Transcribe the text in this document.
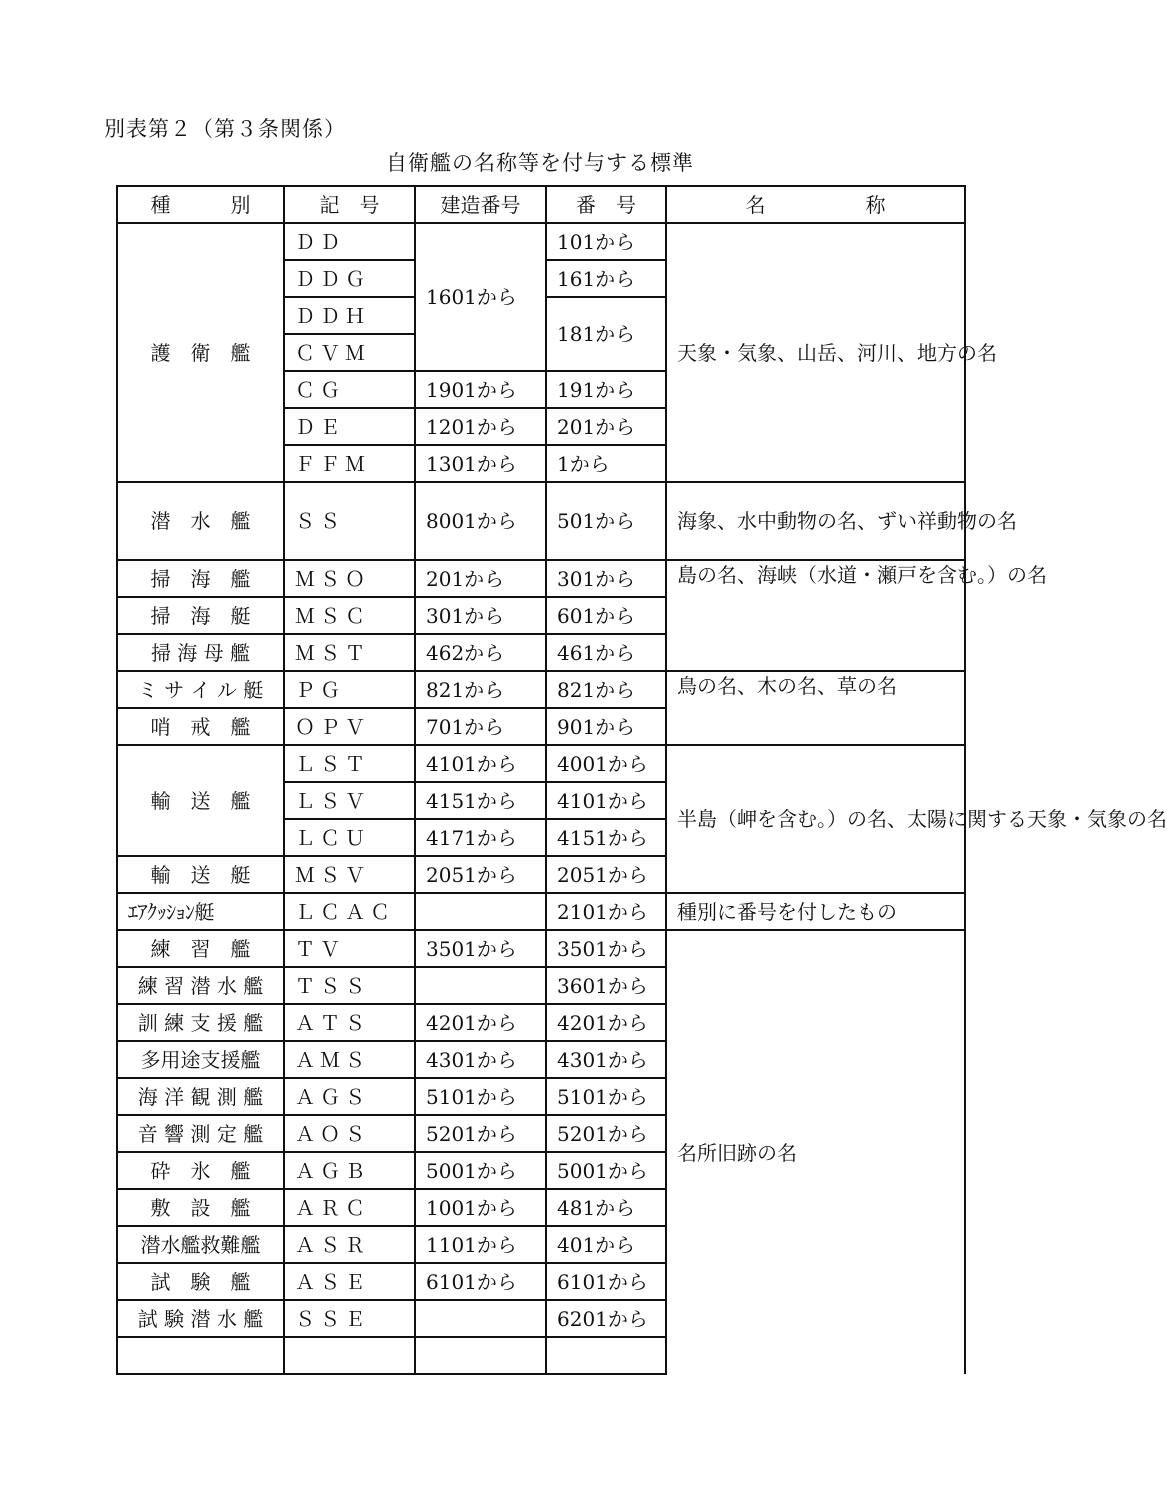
別表第２（第３条関係）
自衛艦の名称等を付与する標準
種　　　別	記　号	建造番号	番　号	名　　　　　称
護　衛　艦	ＤＤ	1601から	101から	天象・気象、山岳、河川、地方の名
	ＤＤＧ		161から	
	ＤＤＨ		181から	
	ＣＶＭ			
	ＣＧ	1901から	191から	
	ＤＥ	1201から	201から	
	ＦＦＭ	1301から	1から	
潜　水　艦	ＳＳ	8001から	501から	海象、水中動物の名、ずい祥動物の名
掃　海　艦	ＭＳＯ	201から	301から	島の名、海峡（水道・瀬戸を含む。）の名
掃　海　艇	ＭＳＣ	301から	601から	
掃 海 母 艦	ＭＳＴ	462から	461から	
ミ サ イ ル 艇	ＰＧ	821から	821から	鳥の名、木の名、草の名
哨　戒　艦	ＯＰＶ	701から	901から	
輸　送　艦	ＬＳＴ	4101から	4001から	半島（岬を含む。）の名、太陽に関する天象・気象の名
	ＬＳＶ	4151から	4101から	
	ＬＣＵ	4171から	4151から	
輸　送　艇	ＭＳＶ	2051から	2051から	
ｴｱｸｯｼｮﾝ艇	ＬＣＡＣ		2101から	種別に番号を付したもの
練　習　艦	ＴＶ	3501から	3501から	名所旧跡の名
練 習 潜 水 艦	ＴＳＳ		3601から	
訓 練 支 援 艦	ＡＴＳ	4201から	4201から	
多用途支援艦	ＡＭＳ	4301から	4301から	
海 洋 観 測 艦	ＡＧＳ	5101から	5101から	
音 響 測 定 艦	ＡＯＳ	5201から	5201から	
砕　氷　艦	ＡＧＢ	5001から	5001から	
敷　設　艦	ＡＲＣ	1001から	481から	
潜水艦救難艦	ＡＳＲ	1101から	401から	
試　験　艦	ＡＳＥ	6101から	6101から	
試 験 潜 水 艦	ＳＳＥ		6201から	
